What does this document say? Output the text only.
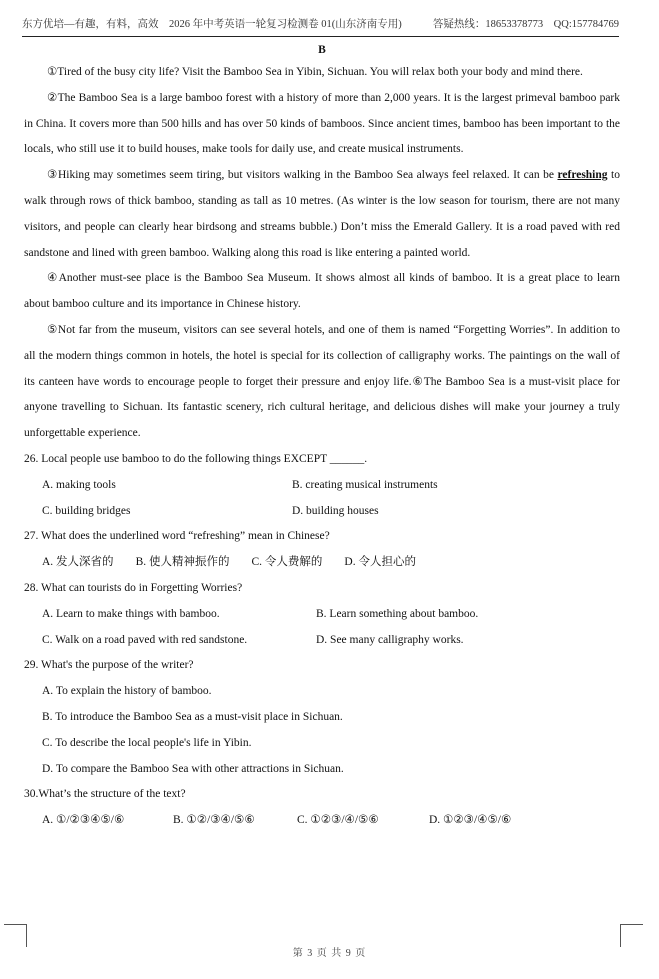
东方优培—有趣，有料，高效　2026 年中考英语一轮复习检测卷 01(山东济南专用)	答疑热线：18653378773　QQ:157784769
B

①Tired of the busy city life? Visit the Bamboo Sea in Yibin, Sichuan. You will relax both your body and mind there.

②The Bamboo Sea is a large bamboo forest with a history of more than 2,000 years. It is the largest primeval bamboo park in China. It covers more than 500 hills and has over 50 kinds of bamboos. Since ancient times, bamboo has been important to the locals, who still use it to build houses, make tools for daily use, and create musical instruments.

③Hiking may sometimes seem tiring, but visitors walking in the Bamboo Sea always feel relaxed. It can be refreshing to walk through rows of thick bamboo, standing as tall as 10 metres. (As winter is the low season for tourism, there are not many visitors, and people can clearly hear birdsong and streams bubble.) Don’t miss the Emerald Gallery. It is a road paved with red sandstone and lined with green bamboo. Walking along this road is like entering a painted world.

④Another must-see place is the Bamboo Sea Museum. It shows almost all kinds of bamboo. It is a great place to learn about bamboo culture and its importance in Chinese history.

⑤Not far from the museum, visitors can see several hotels, and one of them is named “Forgetting Worries”. In addition to all the modern things common in hotels, the hotel is special for its collection of calligraphy works. The paintings on the wall of its canteen have words to encourage people to forget their pressure and enjoy life.⑥The Bamboo Sea is a must-visit place for anyone travelling to Sichuan. Its fantastic scenery, rich cultural heritage, and delicious dishes will make your journey a truly unforgettable experience.

26. Local people use bamboo to do the following things EXCEPT ______.

A. making tools	B. creating musical instruments
C. building bridges	D. building houses

27. What does the underlined word “refreshing” mean in Chinese?

A. 发人深省的 B. 使人精神振作的 C. 令人费解的 D. 令人担心的

28. What can tourists do in Forgetting Worries?

A. Learn to make things with bamboo.	B. Learn something about bamboo.
C. Walk on a road paved with red sandstone.	D. See many calligraphy works.

29. What's the purpose of the writer?

A. To explain the history of bamboo.
B. To introduce the Bamboo Sea as a must-visit place in Sichuan.
C. To describe the local people's life in Yibin.
D. To compare the Bamboo Sea with other attractions in Sichuan.

30.What’s the structure of the text?

A. ①/②③④⑤/⑥	B. ①②/③④/⑤⑥	C. ①②③/④/⑤⑥	D. ①②③/④⑤/⑥
第 3 页 共 9 页
